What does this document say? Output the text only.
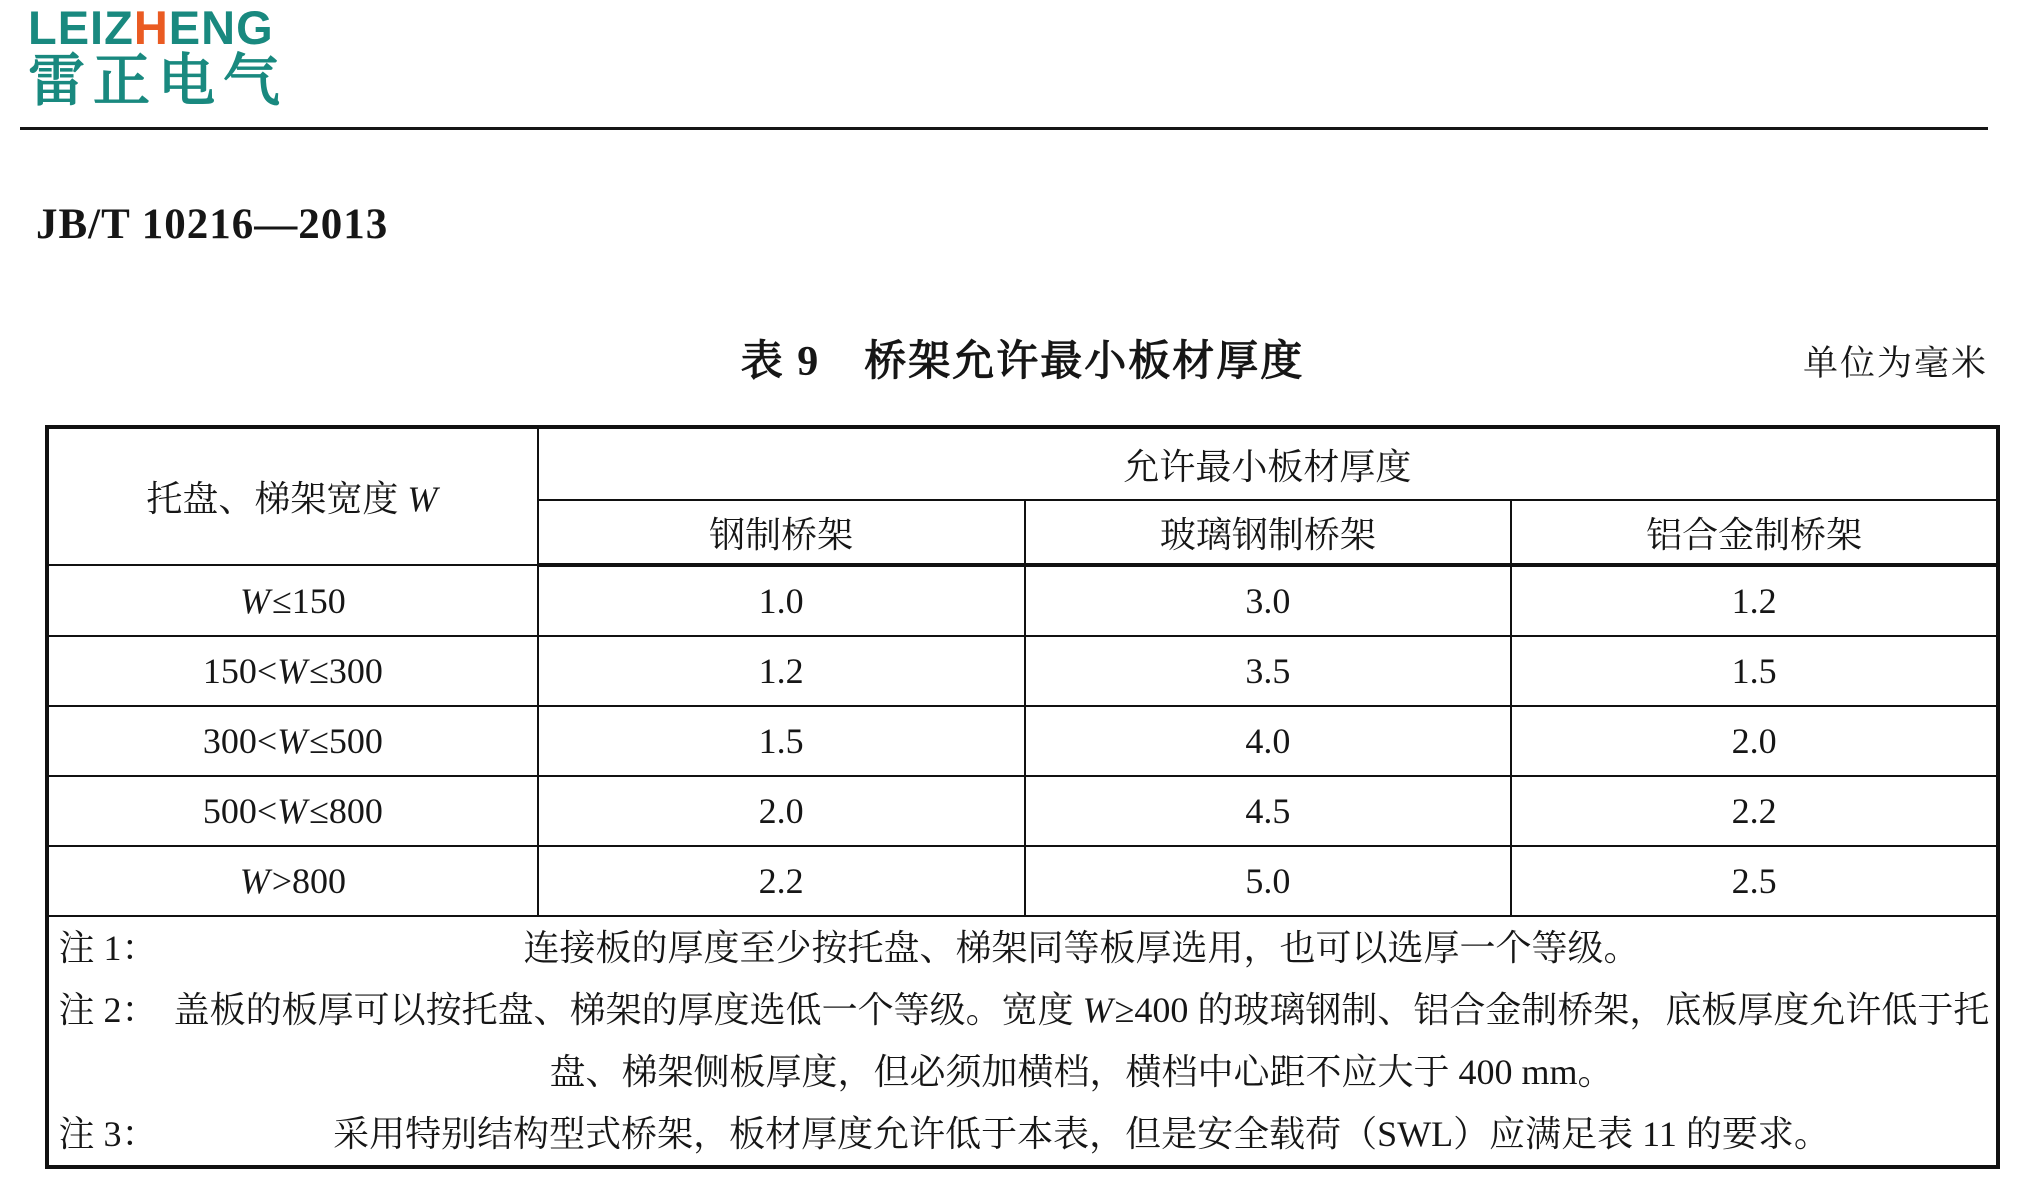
LEIZHENG
雷正电气
JB/T 10216—2013
表 9　桥架允许最小板材厚度	单位为毫米
托盘、梯架宽度 W	允许最小板材厚度		
	钢制桥架	玻璃钢制桥架	铝合金制桥架
W≤150	1.0	3.0	1.2
150<W≤300	1.2	3.5	1.5
300<W≤500	1.5	4.0	2.0
500<W≤800	2.0	4.5	2.2
W>800	2.2	5.0	2.5

注 1：	连接板的厚度至少按托盘、梯架同等板厚选用，也可以选厚一个等级。
注 2： 盖板的板厚可以按托盘、梯架的厚度选低一个等级。宽度 W≥400 的玻璃钢制、铝合金制桥架，底板厚度允许低于托盘、梯架侧板厚度，但必须加横档，横档中心距不应大于 400 mm。
注 3：	采用特别结构型式桥架，板材厚度允许低于本表，但是安全载荷（SWL）应满足表 11 的要求。
